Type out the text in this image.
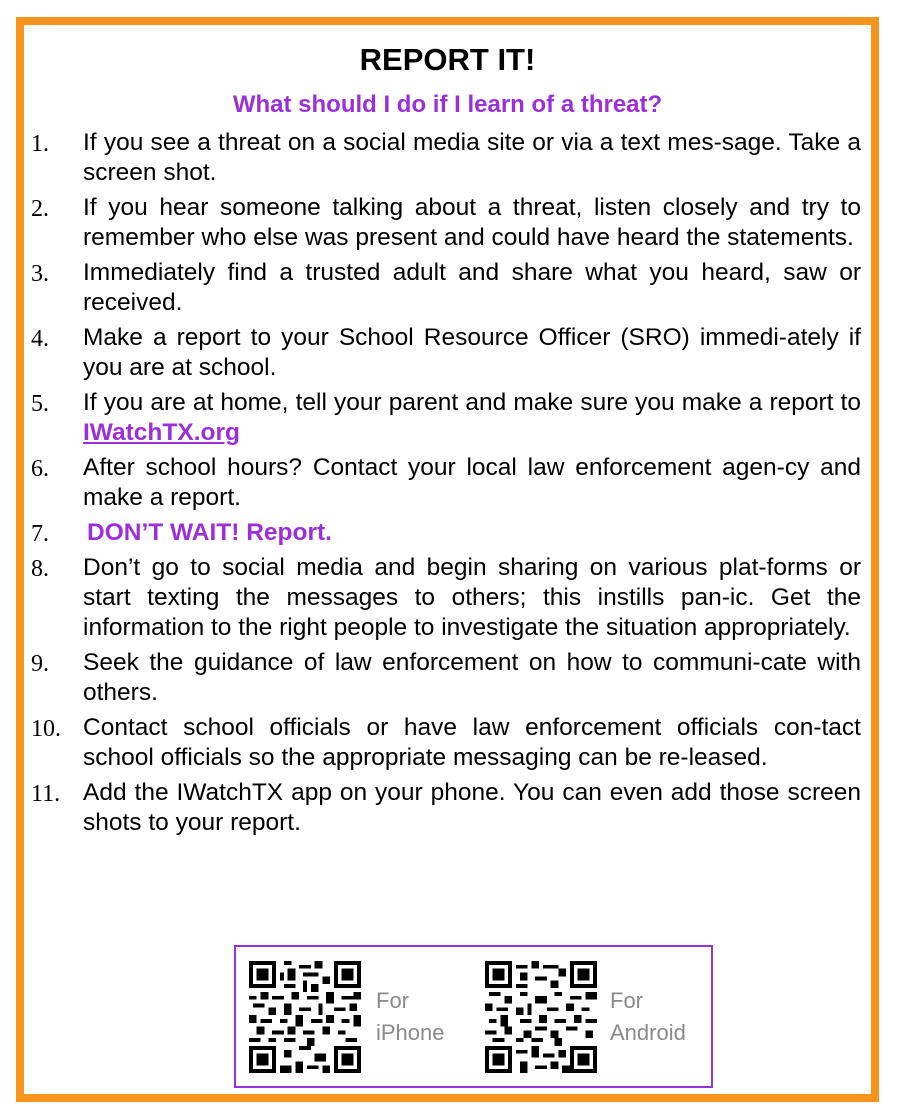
REPORT IT!
What should I do if I learn of a threat?
1. If you see a threat on a social media site or via a text mes-sage. Take a screen shot.
2. If you hear someone talking about a threat, listen closely and try to remember who else was present and could have heard the statements.
3. Immediately find a trusted adult and share what you heard, saw or received.
4. Make a report to your School Resource Officer (SRO) immedi-ately if you are at school.
5. If you are at home, tell your parent and make sure you make a report to IWatchTX.org
6. After school hours? Contact your local law enforcement agen-cy and make a report.
7. DON’T WAIT! Report.
8. Don’t go to social media and begin sharing on various plat-forms or start texting the messages to others; this instills pan-ic. Get the information to the right people to investigate the situation appropriately.
9. Seek the guidance of law enforcement on how to communi-cate with others.
10. Contact school officials or have law enforcement officials con-tact school officials so the appropriate messaging can be re-leased.
11. Add the IWatchTX app on your phone. You can even add those screen shots to your report.
For
iPhone
For
Android
